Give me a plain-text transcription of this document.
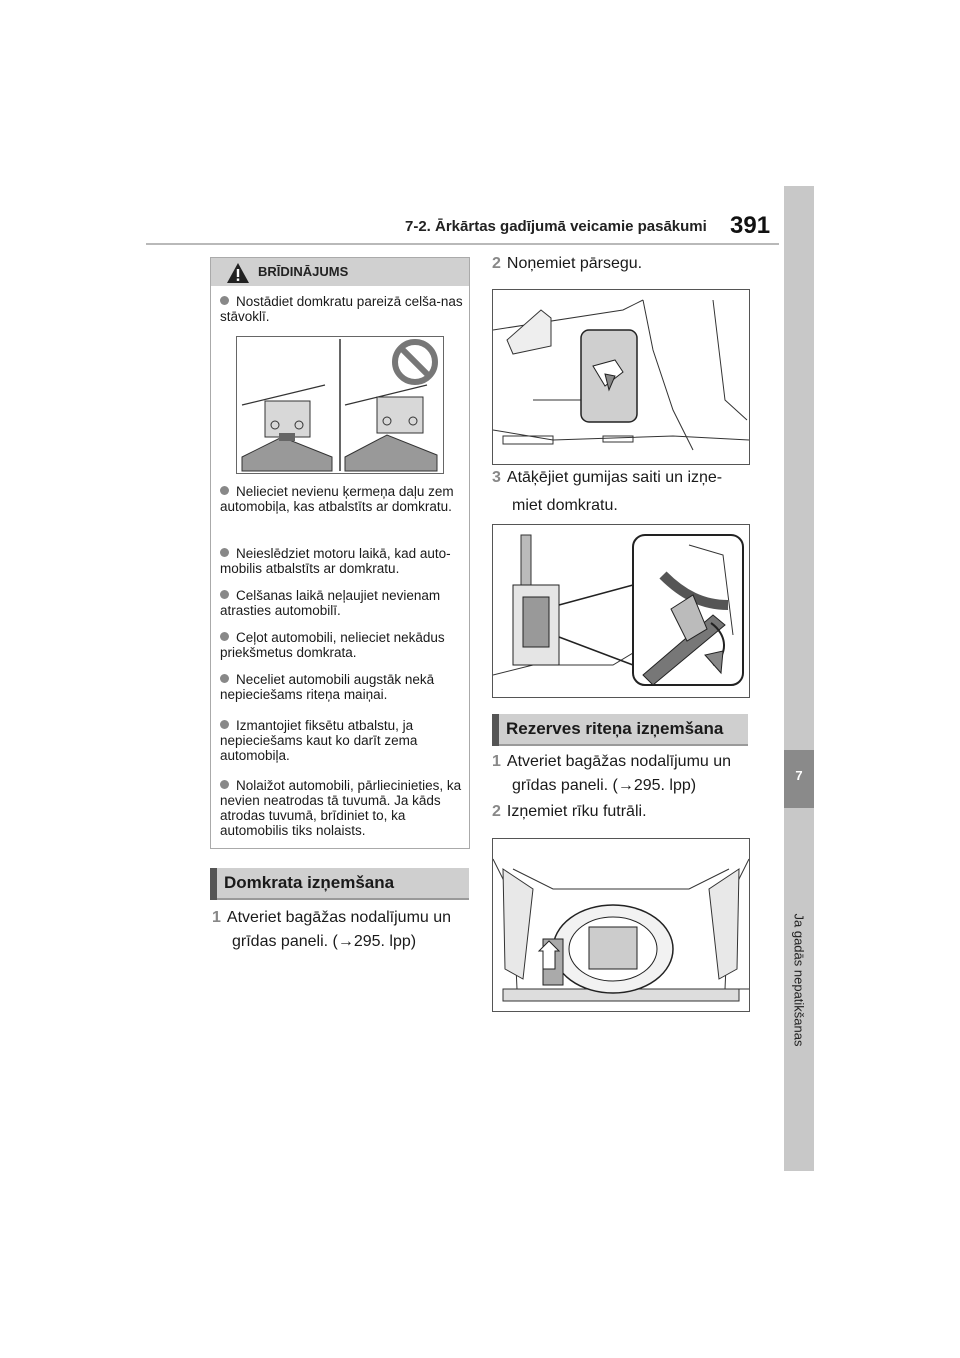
7-2. Ārkārtas gadījumā veicamie pasākumi 391
7
Ja gadās nepatikšanas
BRĪDINĀJUMS
Nostādiet domkratu pareizā celša-nas stāvoklī.
Nelieciet nevienu ķermeņa daļu zem automobiļa, kas atbalstīts ar domkratu.
Neieslēdziet motoru laikā, kad auto-mobilis atbalstīts ar domkratu.
Celšanas laikā neļaujiet nevienam atrasties automobilī.
Ceļot automobili, nelieciet nekādus priekšmetus domkrata.
Neceliet automobili augstāk nekā nepieciešams riteņa maiņai.
Izmantojiet fiksētu atbalstu, ja nepieciešams kaut ko darīt zema automobiļa.
Nolaižot automobili, pārliecinieties, ka nevien neatrodas tā tuvumā. Ja kāds atrodas tuvumā, brīdiniet to, ka automobilis tiks nolaists.
Domkrata izņemšana
1 Atveriet bagāžas nodalījumu un
grīdas paneli. (→295. lpp)
2 Noņemiet pārsegu.
3 Atāķējiet gumijas saiti un izņe-
miet domkratu.
Rezerves riteņa izņemšana
1 Atveriet bagāžas nodalījumu un
grīdas paneli. (→295. lpp)
2 Izņemiet rīku futrāli.
